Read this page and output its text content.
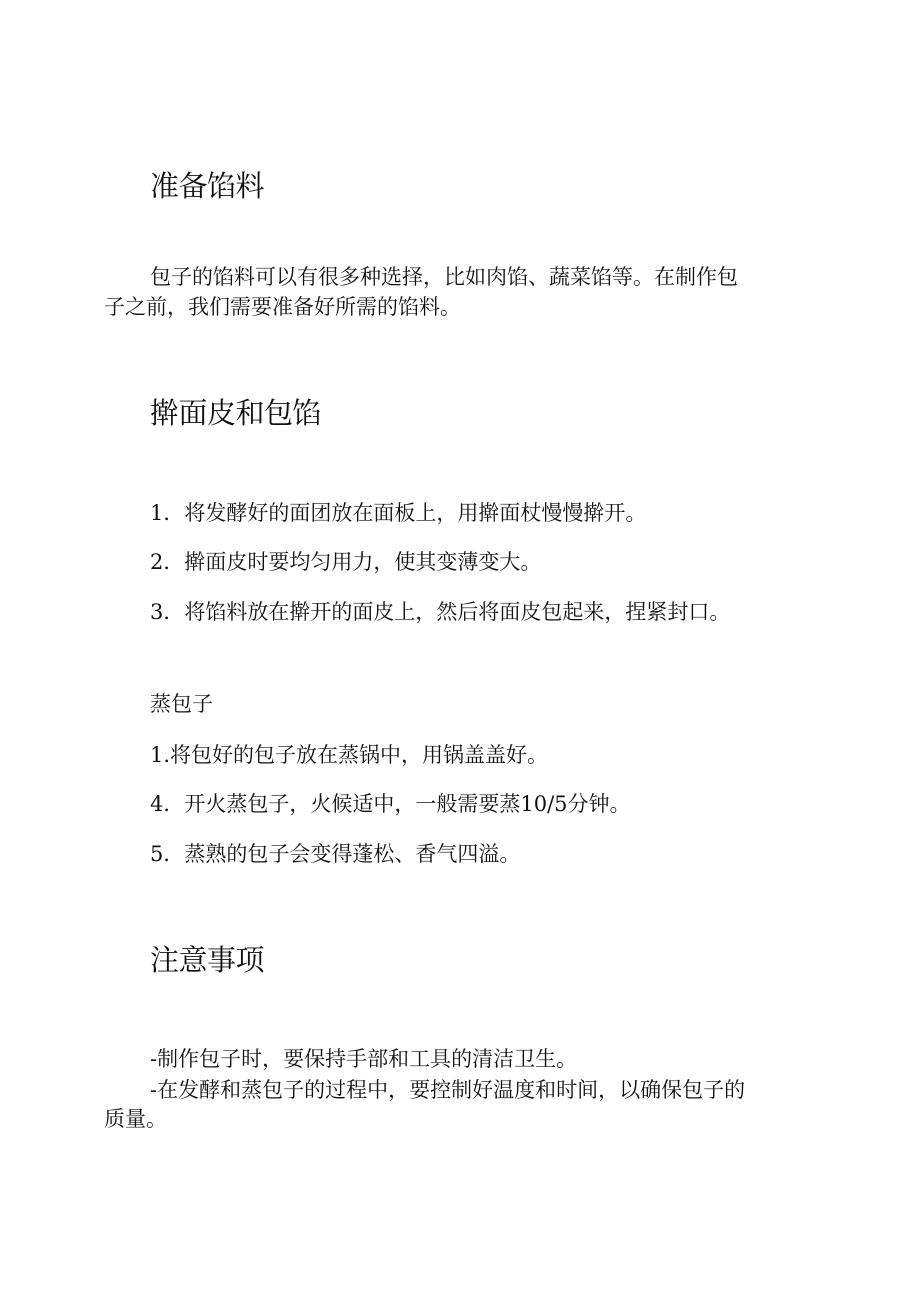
准备馅料
包子的馅料可以有很多种选择，比如肉馅、蔬菜馅等。在制作包
子之前，我们需要准备好所需的馅料。
擀面皮和包馅
1．将发酵好的面团放在面板上，用擀面杖慢慢擀开。
2．擀面皮时要均匀用力，使其变薄变大。
3．将馅料放在擀开的面皮上，然后将面皮包起来，捏紧封口。
蒸包子
1.将包好的包子放在蒸锅中，用锅盖盖好。
4．开火蒸包子，火候适中，一般需要蒸10/5分钟。
5．蒸熟的包子会变得蓬松、香气四溢。
注意事项
-制作包子时，要保持手部和工具的清洁卫生。
-在发酵和蒸包子的过程中，要控制好温度和时间，以确保包子的
质量。
